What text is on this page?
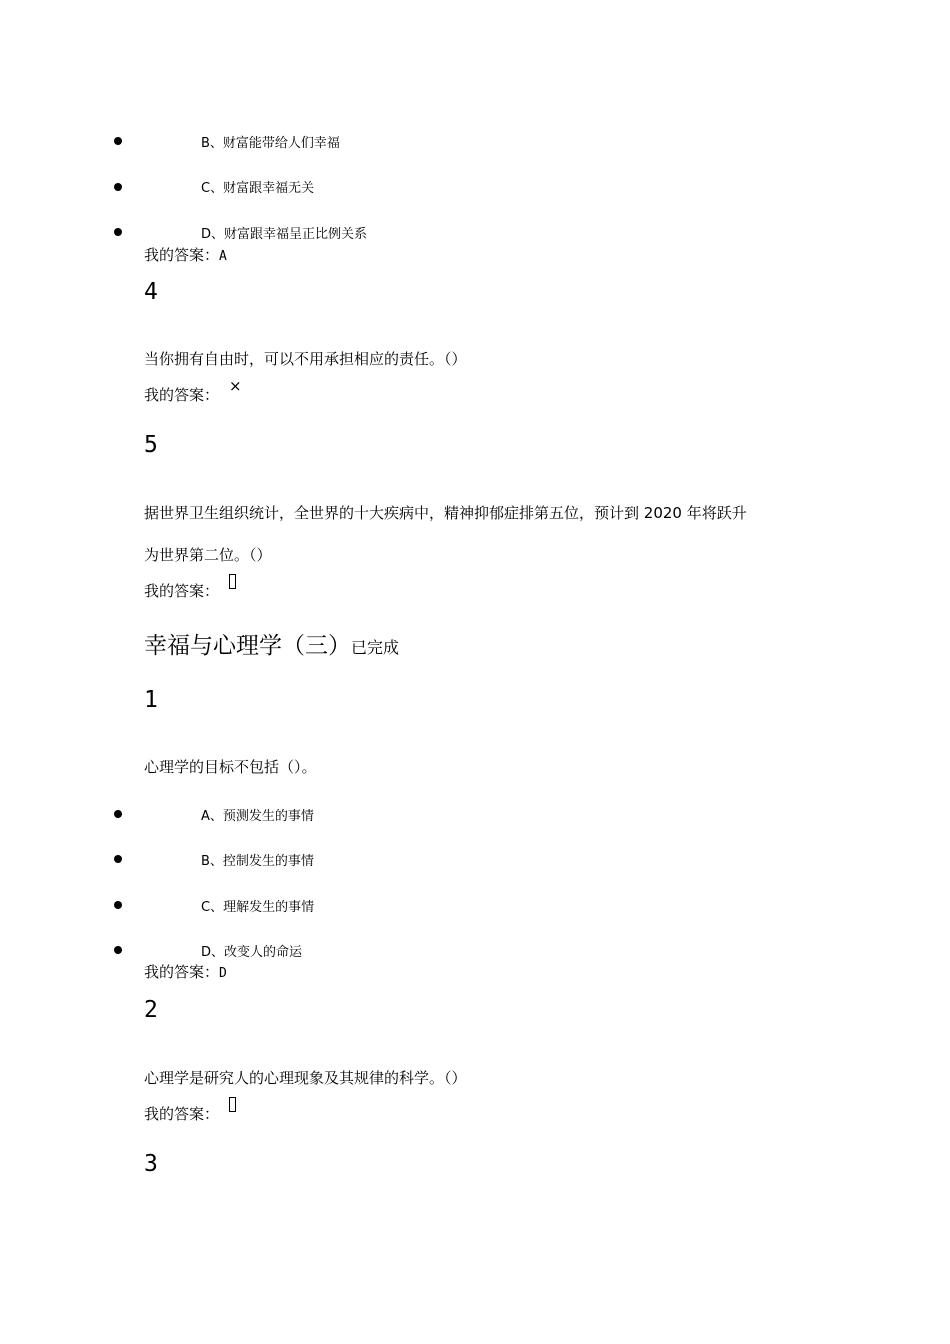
B、财富能带给人们幸福
C、财富跟幸福无关
D、财富跟幸福呈正比例关系
我的答案：A
4
当你拥有自由时，可以不用承担相应的责任。（）
我的答案： ×
5
据世界卫生组织统计，全世界的十大疾病中，精神抑郁症排第五位，预计到 2020 年将跃升
为世界第二位。（）
我的答案：
幸福与心理学（三）已完成
1
心理学的目标不包括（）。
A、预测发生的事情
B、控制发生的事情
C、理解发生的事情
D、改变人的命运
我的答案：D
2
心理学是研究人的心理现象及其规律的科学。（）
我的答案：
3
